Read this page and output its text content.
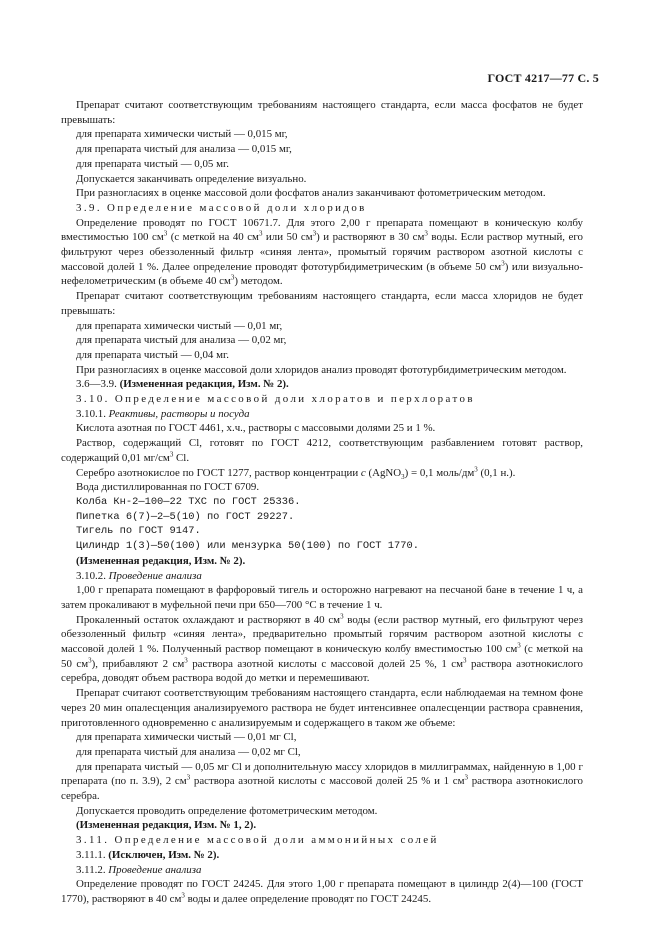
ГОСТ 4217—77 С. 5

Препарат считают соответствующим требованиям настоящего стандарта, если масса фосфатов не будет превышать:

для препарата химически чистый — 0,015 мг,

для препарата чистый для анализа — 0,015 мг,

для препарата чистый — 0,05 мг.

Допускается заканчивать определение визуально.

При разногласиях в оценке массовой доли фосфатов анализ заканчивают фотометрическим методом.

3.9. Определение массовой доли хлоридов

Определение проводят по ГОСТ 10671.7. Для этого 2,00 г препарата помещают в коническую колбу вместимостью 100 $см^3$ (с меткой на 40 $см^3$ или 50 $см^3$) и растворяют в 30 $см^3$ воды. Если раствор мутный, его фильтруют через обеззоленный фильтр «синяя лента», промытый горячим раствором азотной кислоты с массовой долей 1 %. Далее определение проводят фототурбидиметрическим (в объеме 50 $см^3$) или визуально-нефелометрическим (в объеме 40 $см^3$) методом.

Препарат считают соответствующим требованиям настоящего стандарта, если масса хлоридов не будет превышать:

для препарата химически чистый — 0,01 мг,

для препарата чистый для анализа — 0,02 мг,

для препарата чистый — 0,04 мг.

При разногласиях в оценке массовой доли хлоридов анализ проводят фототурбидиметрическим методом.

3.6—3.9. (Измененная редакция, Изм. № 2).

3.10. Определение массовой доли хлоратов и перхлоратов

3.10.1. Реактивы, растворы и посуда

Кислота азотная по ГОСТ 4461, х.ч., растворы с массовыми долями 25 и 1 %.

Раствор, содержащий Cl, готовят по ГОСТ 4212, соответствующим разбавлением готовят раствор, содержащий 0,01 $мг/см^3$ Cl.

Серебро азотнокислое по ГОСТ 1277, раствор концентрации c (AgNO$_3$) = 0,1 моль/$дм^3$ (0,1 н.).

Вода дистиллированная по ГОСТ 6709.

Колба Кн-2—100—22 ТХС по ГОСТ 25336.

Пипетка 6(7)—2—5(10) по ГОСТ 29227.

Тигель по ГОСТ 9147.

Цилиндр 1(3)—50(100) или мензурка 50(100) по ГОСТ 1770.

(Измененная редакция, Изм. № 2).

3.10.2. Проведение анализа

1,00 г препарата помещают в фарфоровый тигель и осторожно нагревают на песчаной бане в течение 1 ч, а затем прокаливают в муфельной печи при 650—700 °С в течение 1 ч.

Прокаленный остаток охлаждают и растворяют в 40 $см^3$ воды (если раствор мутный, его фильтруют через обеззоленный фильтр «синяя лента», предварительно промытый горячим раствором азотной кислоты с массовой долей 1 %. Полученный раствор помещают в коническую колбу вместимостью 100 $см^3$ (с меткой на 50 $см^3$), прибавляют 2 $см^3$ раствора азотной кислоты с массовой долей 25 %, 1 $см^3$ раствора азотнокислого серебра, доводят объем раствора водой до метки и перемешивают.

Препарат считают соответствующим требованиям настоящего стандарта, если наблюдаемая на темном фоне через 20 мин опалесценция анализируемого раствора не будет интенсивнее опалесценции раствора сравнения, приготовленного одновременно с анализируемым и содержащего в таком же объеме:

для препарата химически чистый — 0,01 мг Cl,

для препарата чистый для анализа — 0,02 мг Cl,

для препарата чистый — 0,05 мг Cl и дополнительную массу хлоридов в миллиграммах, найденную в 1,00 г препарата (по п. 3.9), 2 $см^3$ раствора азотной кислоты с массовой долей 25 % и 1 $см^3$ раствора азотнокислого серебра.

Допускается проводить определение фотометрическим методом.

(Измененная редакция, Изм. № 1, 2).

3.11. Определение массовой доли аммонийных солей

3.11.1. (Исключен, Изм. № 2).

3.11.2. Проведение анализа

Определение проводят по ГОСТ 24245. Для этого 1,00 г препарата помещают в цилиндр 2(4)—100 (ГОСТ 1770), растворяют в 40 $см^3$ воды и далее определение проводят по ГОСТ 24245.
